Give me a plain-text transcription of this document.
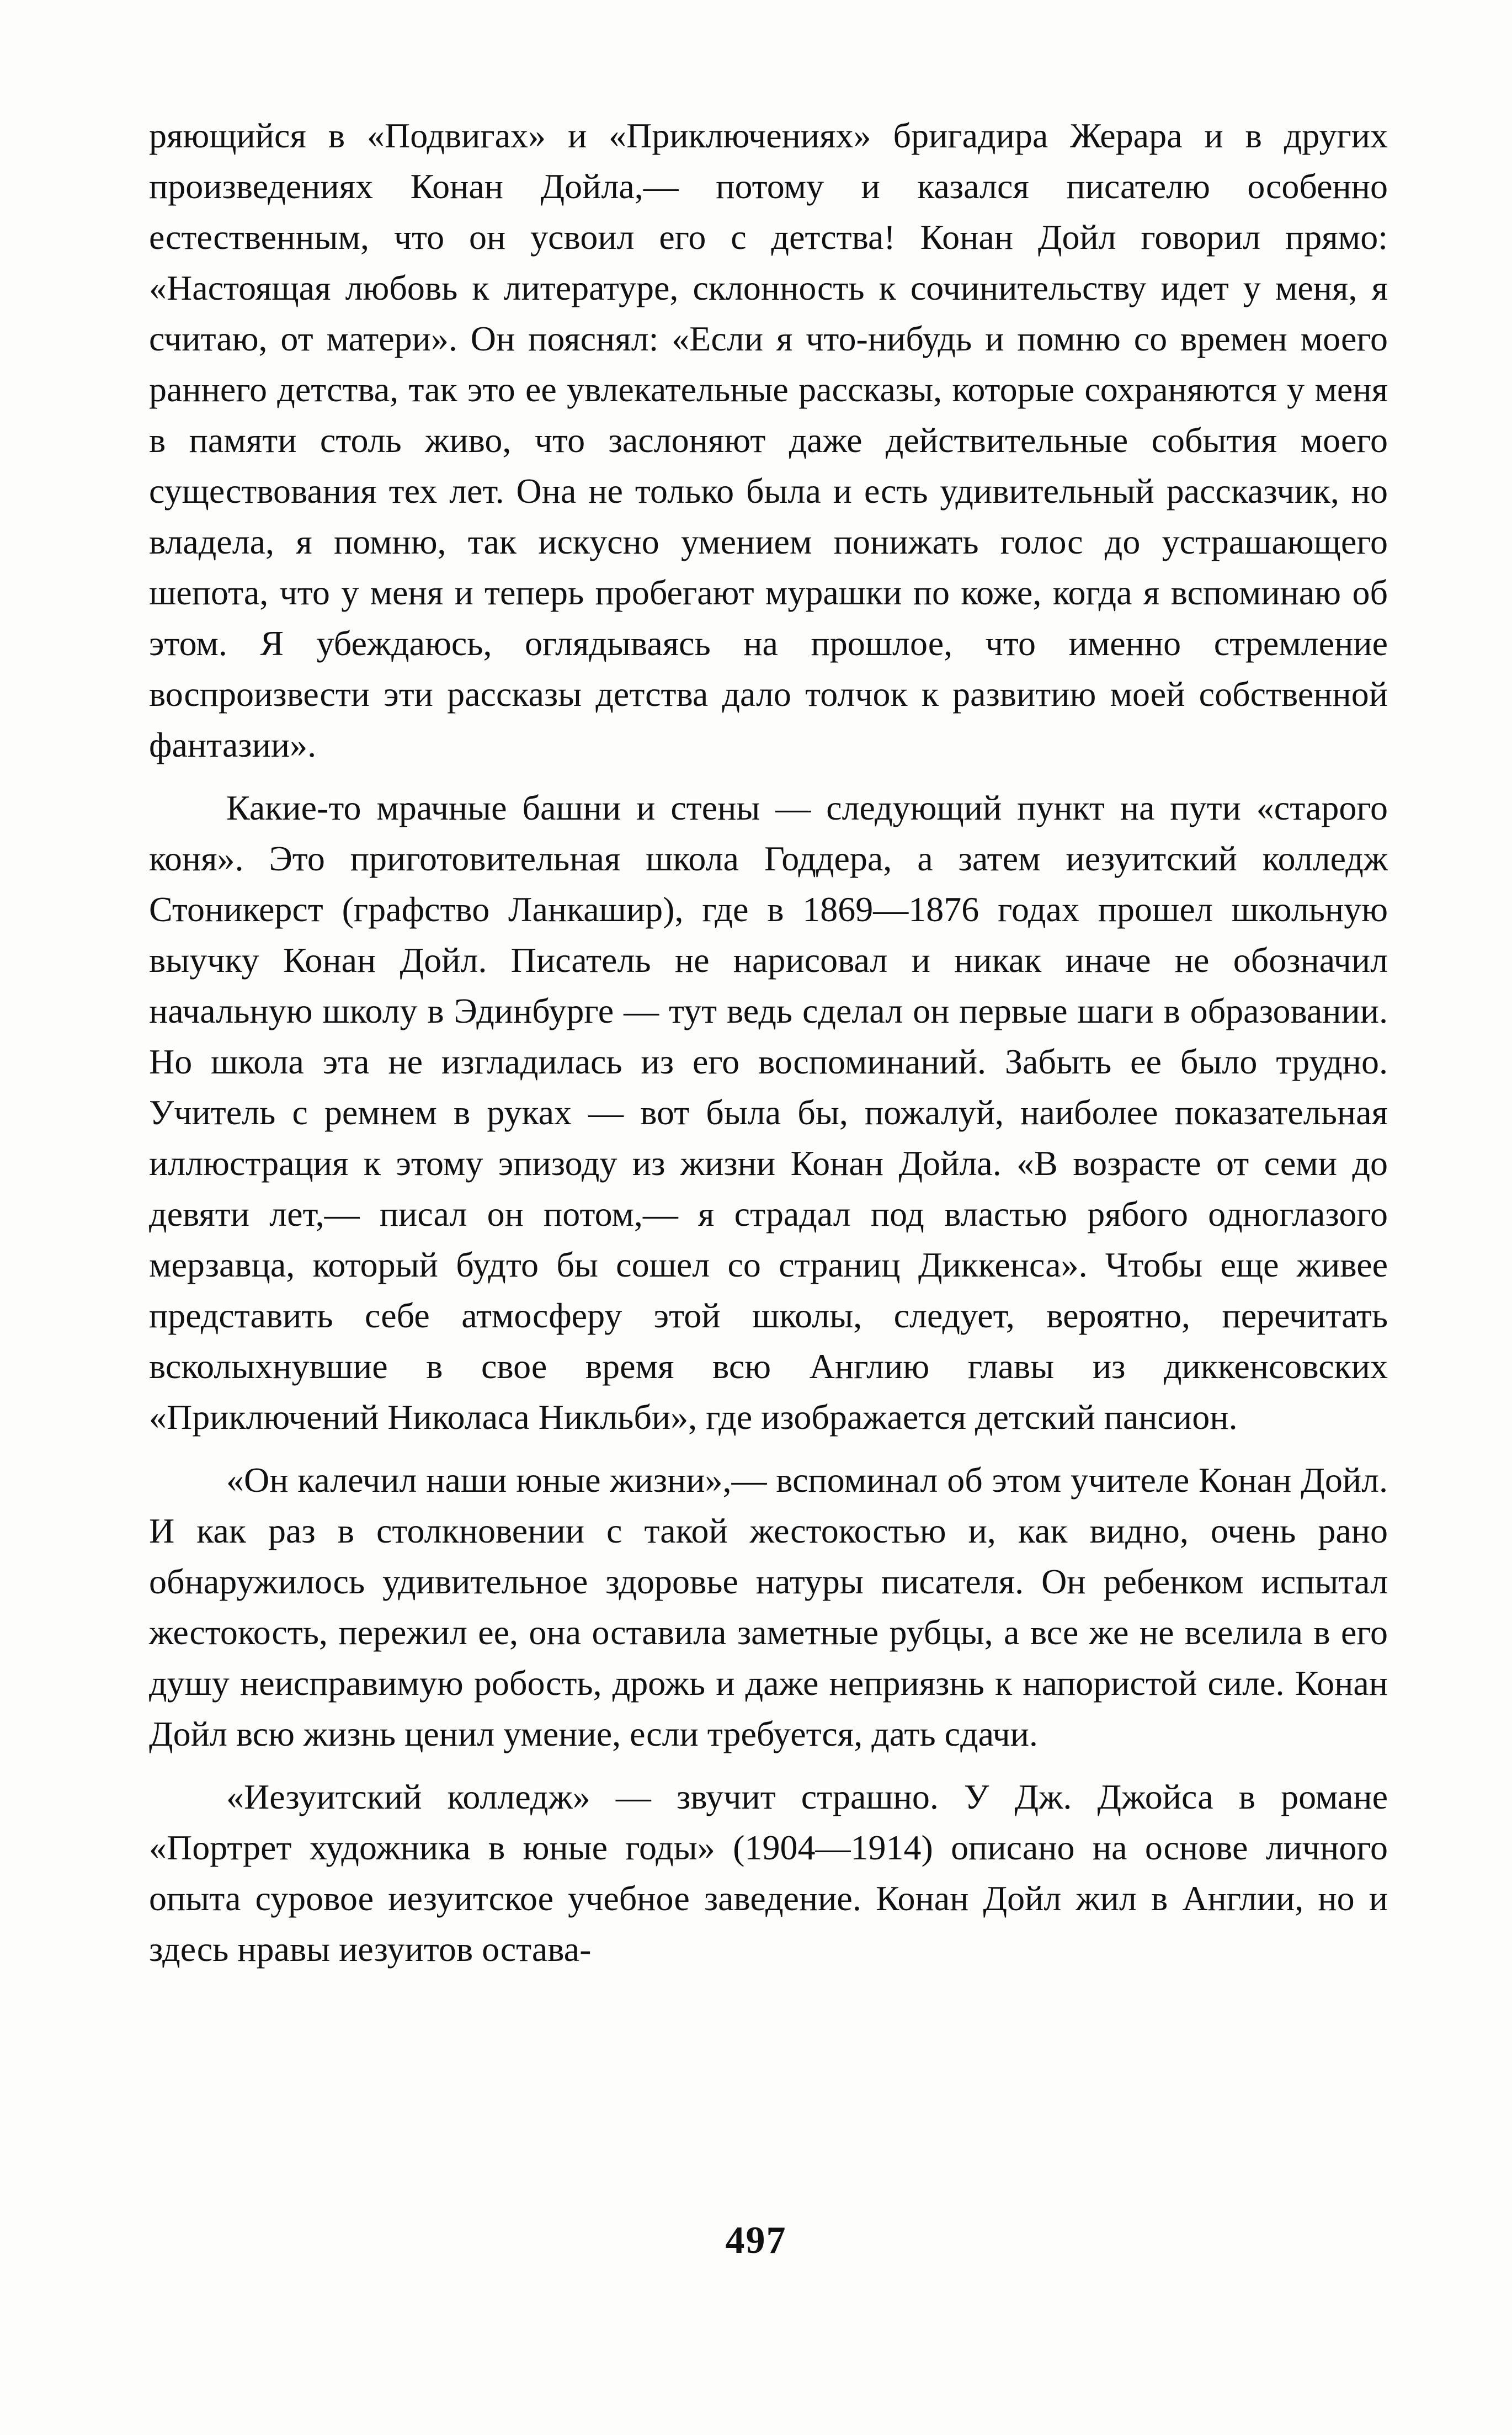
ряющийся в «Подвигах» и «Приключениях» бригадира Жерара и в других произведениях Конан Дойла,— потому и казался писателю особенно естественным, что он усвоил его с детства! Конан Дойл говорил прямо: «Настоящая любовь к литературе, склонность к сочинительству идет у меня, я считаю, от матери». Он пояснял: «Если я что-нибудь и помню со времен моего раннего детства, так это ее увлекательные рассказы, которые сохраняются у меня в памяти столь живо, что заслоняют даже действительные события моего существования тех лет. Она не только была и есть удивительный рассказчик, но владела, я помню, так искусно умением понижать голос до устрашающего шепота, что у меня и теперь пробегают мурашки по коже, когда я вспоминаю об этом. Я убеждаюсь, оглядываясь на прошлое, что именно стремление воспроизвести эти рассказы детства дало толчок к развитию моей собственной фантазии».

Какие-то мрачные башни и стены — следующий пункт на пути «старого коня». Это приготовительная школа Годдера, а затем иезуитский колледж Стоникерст (графство Ланкашир), где в 1869—1876 годах прошел школьную выучку Конан Дойл. Писатель не нарисовал и никак иначе не обозначил начальную школу в Эдинбурге — тут ведь сделал он первые шаги в образовании. Но школа эта не изгладилась из его воспоминаний. Забыть ее было трудно. Учитель с ремнем в руках — вот была бы, пожалуй, наиболее показательная иллюстрация к этому эпизоду из жизни Конан Дойла. «В возрасте от семи до девяти лет,— писал он потом,— я страдал под властью рябого одноглазого мерзавца, который будто бы сошел со страниц Диккенса». Чтобы еще живее представить себе атмосферу этой школы, следует, вероятно, перечитать всколыхнувшие в свое время всю Англию главы из диккенсовских «Приключений Николаса Никльби», где изображается детский пансион.

«Он калечил наши юные жизни»,— вспоминал об этом учителе Конан Дойл. И как раз в столкновении с такой жестокостью и, как видно, очень рано обнаружилось удивительное здоровье натуры писателя. Он ребенком испытал жестокость, пережил ее, она оставила заметные рубцы, а все же не вселила в его душу неисправимую робость, дрожь и даже неприязнь к напористой силе. Конан Дойл всю жизнь ценил умение, если требуется, дать сдачи.

«Иезуитский колледж» — звучит страшно. У Дж. Джойса в романе «Портрет художника в юные годы» (1904—1914) описано на основе личного опыта суровое иезуитское учебное заведение. Конан Дойл жил в Англии, но и здесь нравы иезуитов остава-

497
